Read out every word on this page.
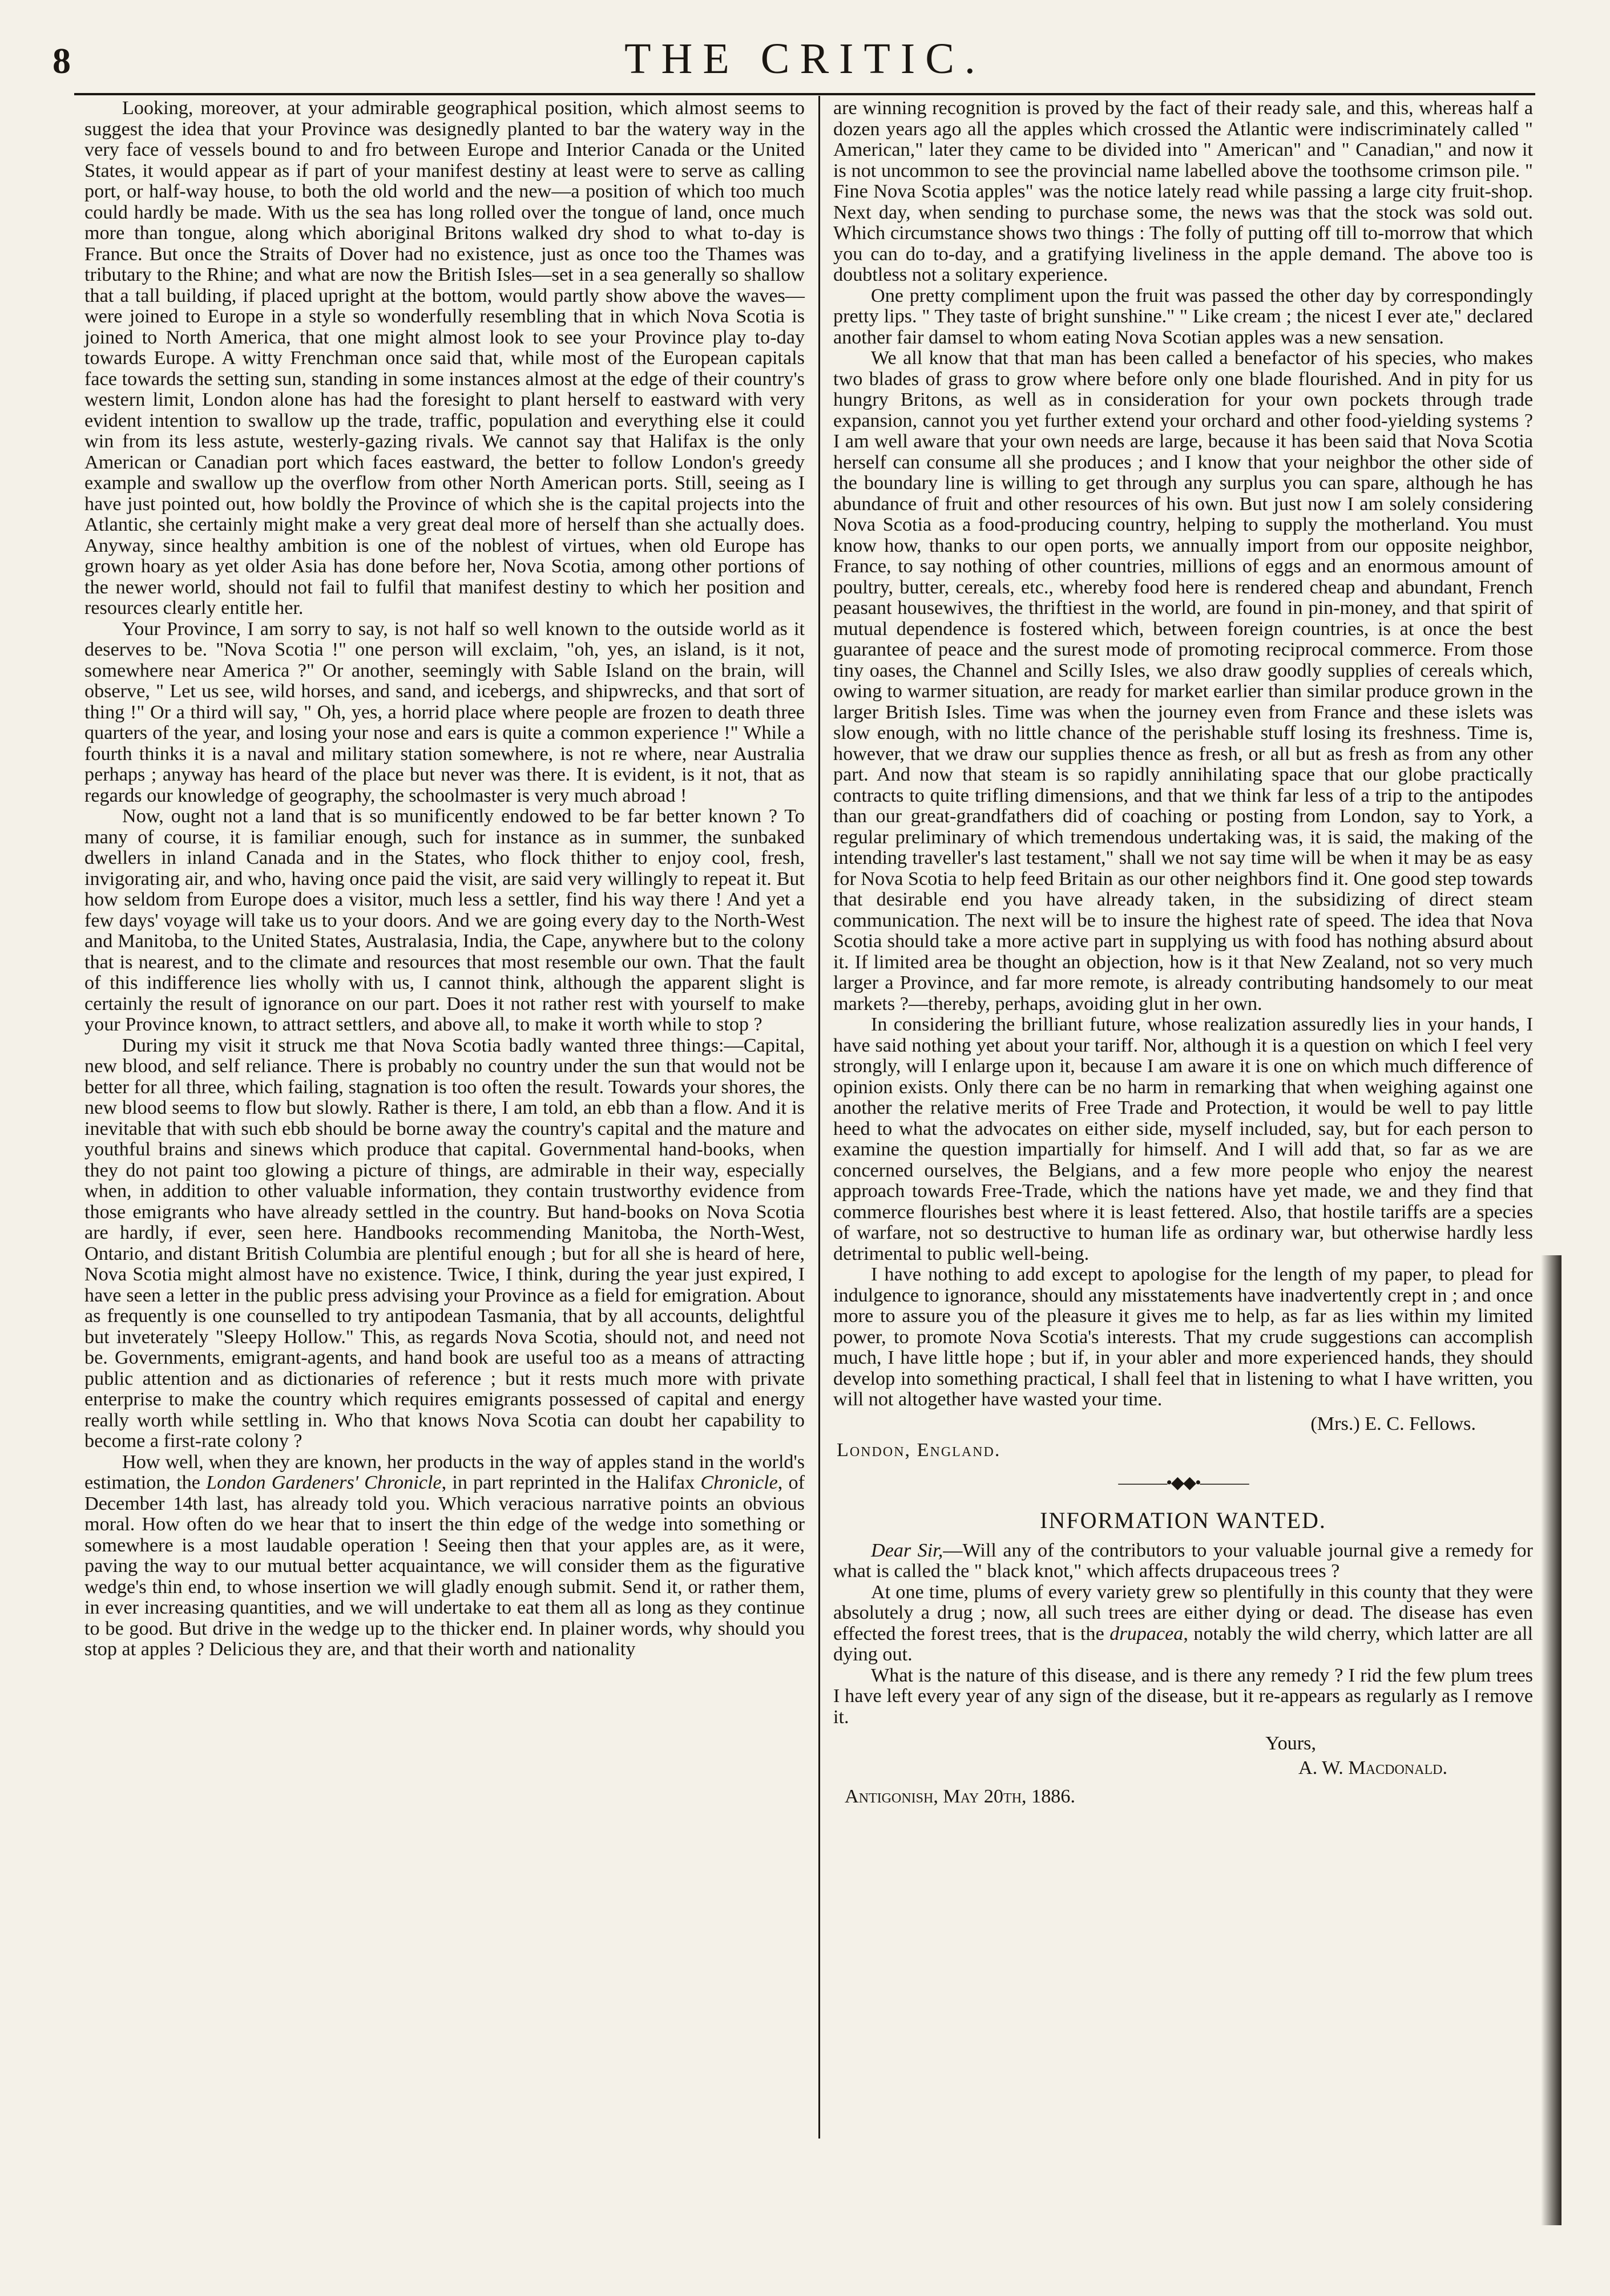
THE CRITIC.
8

Looking, moreover, at your admirable geographical position, which almost seems to suggest the idea that your Province was designedly planted to bar the watery way in the very face of vessels bound to and fro between Europe and Interior Canada or the United States, it would appear as if part of your manifest destiny at least were to serve as calling port, or half-way house, to both the old world and the new—a position of which too much could hardly be made. With us the sea has long rolled over the tongue of land, once much more than tongue, along which aboriginal Britons walked dry shod to what to-day is France. But once the Straits of Dover had no existence, just as once too the Thames was tributary to the Rhine; and what are now the British Isles—set in a sea generally so shallow that a tall building, if placed upright at the bottom, would partly show above the waves—were joined to Europe in a style so wonderfully resembling that in which Nova Scotia is joined to North America, that one might almost look to see your Province play to-day towards Europe. A witty Frenchman once said that, while most of the European capitals face towards the setting sun, standing in some instances almost at the edge of their country's western limit, London alone has had the foresight to plant herself to eastward with very evident intention to swallow up the trade, traffic, population and everything else it could win from its less astute, westerly-gazing rivals. We cannot say that Halifax is the only American or Canadian port which faces eastward, the better to follow London's greedy example and swallow up the overflow from other North American ports. Still, seeing as I have just pointed out, how boldly the Province of which she is the capital projects into the Atlantic, she certainly might make a very great deal more of herself than she actually does. Anyway, since healthy ambition is one of the noblest of virtues, when old Europe has grown hoary as yet older Asia has done before her, Nova Scotia, among other portions of the newer world, should not fail to fulfil that manifest destiny to which her position and resources clearly entitle her.

Your Province, I am sorry to say, is not half so well known to the outside world as it deserves to be. "Nova Scotia !" one person will exclaim, "oh, yes, an island, is it not, somewhere near America ?" Or another, seemingly with Sable Island on the brain, will observe, " Let us see, wild horses, and sand, and icebergs, and shipwrecks, and that sort of thing !" Or a third will say, " Oh, yes, a horrid place where people are frozen to death three quarters of the year, and losing your nose and ears is quite a common experience !" While a fourth thinks it is a naval and military station somewhere, is not re where, near Australia perhaps ; anyway has heard of the place but never was there. It is evident, is it not, that as regards our knowledge of geography, the schoolmaster is very much abroad !

Now, ought not a land that is so munificently endowed to be far better known ? To many of course, it is familiar enough, such for instance as in summer, the sunbaked dwellers in inland Canada and in the States, who flock thither to enjoy cool, fresh, invigorating air, and who, having once paid the visit, are said very willingly to repeat it. But how seldom from Europe does a visitor, much less a settler, find his way there ! And yet a few days' voyage will take us to your doors. And we are going every day to the North-West and Manitoba, to the United States, Australasia, India, the Cape, anywhere but to the colony that is nearest, and to the climate and resources that most resemble our own. That the fault of this indifference lies wholly with us, I cannot think, although the apparent slight is certainly the result of ignorance on our part. Does it not rather rest with yourself to make your Province known, to attract settlers, and above all, to make it worth while to stop ?

During my visit it struck me that Nova Scotia badly wanted three things:—Capital, new blood, and self reliance. There is probably no country under the sun that would not be better for all three, which failing, stagnation is too often the result. Towards your shores, the new blood seems to flow but slowly. Rather is there, I am told, an ebb than a flow. And it is inevitable that with such ebb should be borne away the country's capital and the mature and youthful brains and sinews which produce that capital. Governmental hand-books, when they do not paint too glowing a picture of things, are admirable in their way, especially when, in addition to other valuable information, they contain trustworthy evidence from those emigrants who have already settled in the country. But hand-books on Nova Scotia are hardly, if ever, seen here. Handbooks recommending Manitoba, the North-West, Ontario, and distant British Columbia are plentiful enough ; but for all she is heard of here, Nova Scotia might almost have no existence. Twice, I think, during the year just expired, I have seen a letter in the public press advising your Province as a field for emigration. About as frequently is one counselled to try antipodean Tasmania, that by all accounts, delightful but inveterately "Sleepy Hollow." This, as regards Nova Scotia, should not, and need not be. Governments, emigrant-agents, and hand book are useful too as a means of attracting public attention and as dictionaries of reference ; but it rests much more with private enterprise to make the country which requires emigrants possessed of capital and energy really worth while settling in. Who that knows Nova Scotia can doubt her capability to become a first-rate colony ?

How well, when they are known, her products in the way of apples stand in the world's estimation, the London Gardeners' Chronicle, in part reprinted in the Halifax Chronicle, of December 14th last, has already told you. Which veracious narrative points an obvious moral. How often do we hear that to insert the thin edge of the wedge into something or somewhere is a most laudable operation ! Seeing then that your apples are, as it were, paving the way to our mutual better acquaintance, we will consider them as the figurative wedge's thin end, to whose insertion we will gladly enough submit. Send it, or rather them, in ever increasing quantities, and we will undertake to eat them all as long as they continue to be good. But drive in the wedge up to the thicker end. In plainer words, why should you stop at apples ? Delicious they are, and that their worth and nationality

are winning recognition is proved by the fact of their ready sale, and this, whereas half a dozen years ago all the apples which crossed the Atlantic were indiscriminately called " American," later they came to be divided into " American" and " Canadian," and now it is not uncommon to see the provincial name labelled above the toothsome crimson pile. " Fine Nova Scotia apples" was the notice lately read while passing a large city fruit-shop. Next day, when sending to purchase some, the news was that the stock was sold out. Which circumstance shows two things : The folly of putting off till to-morrow that which you can do to-day, and a gratifying liveliness in the apple demand. The above too is doubtless not a solitary experience.

One pretty compliment upon the fruit was passed the other day by correspondingly pretty lips. " They taste of bright sunshine." " Like cream ; the nicest I ever ate," declared another fair damsel to whom eating Nova Scotian apples was a new sensation.

We all know that that man has been called a benefactor of his species, who makes two blades of grass to grow where before only one blade flourished. And in pity for us hungry Britons, as well as in consideration for your own pockets through trade expansion, cannot you yet further extend your orchard and other food-yielding systems ? I am well aware that your own needs are large, because it has been said that Nova Scotia herself can consume all she produces ; and I know that your neighbor the other side of the boundary line is willing to get through any surplus you can spare, although he has abundance of fruit and other resources of his own. But just now I am solely considering Nova Scotia as a food-producing country, helping to supply the motherland. You must know how, thanks to our open ports, we annually import from our opposite neighbor, France, to say nothing of other countries, millions of eggs and an enormous amount of poultry, butter, cereals, etc., whereby food here is rendered cheap and abundant, French peasant housewives, the thriftiest in the world, are found in pin-money, and that spirit of mutual dependence is fostered which, between foreign countries, is at once the best guarantee of peace and the surest mode of promoting reciprocal commerce. From those tiny oases, the Channel and Scilly Isles, we also draw goodly supplies of cereals which, owing to warmer situation, are ready for market earlier than similar produce grown in the larger British Isles. Time was when the journey even from France and these islets was slow enough, with no little chance of the perishable stuff losing its freshness. Time is, however, that we draw our supplies thence as fresh, or all but as fresh as from any other part. And now that steam is so rapidly annihilating space that our globe practically contracts to quite trifling dimensions, and that we think far less of a trip to the antipodes than our great-grandfathers did of coaching or posting from London, say to York, a regular preliminary of which tremendous undertaking was, it is said, the making of the intending traveller's last testament," shall we not say time will be when it may be as easy for Nova Scotia to help feed Britain as our other neighbors find it. One good step towards that desirable end you have already taken, in the subsidizing of direct steam communication. The next will be to insure the highest rate of speed. The idea that Nova Scotia should take a more active part in supplying us with food has nothing absurd about it. If limited area be thought an objection, how is it that New Zealand, not so very much larger a Province, and far more remote, is already contributing handsomely to our meat markets ?—thereby, perhaps, avoiding glut in her own.

In considering the brilliant future, whose realization assuredly lies in your hands, I have said nothing yet about your tariff. Nor, although it is a question on which I feel very strongly, will I enlarge upon it, because I am aware it is one on which much difference of opinion exists. Only there can be no harm in remarking that when weighing against one another the relative merits of Free Trade and Protection, it would be well to pay little heed to what the advocates on either side, myself included, say, but for each person to examine the question impartially for himself. And I will add that, so far as we are concerned ourselves, the Belgians, and a few more people who enjoy the nearest approach towards Free-Trade, which the nations have yet made, we and they find that commerce flourishes best where it is least fettered. Also, that hostile tariffs are a species of warfare, not so destructive to human life as ordinary war, but otherwise hardly less detrimental to public well-being.

I have nothing to add except to apologise for the length of my paper, to plead for indulgence to ignorance, should any misstatements have inadvertently crept in ; and once more to assure you of the pleasure it gives me to help, as far as lies within my limited power, to promote Nova Scotia's interests. That my crude suggestions can accomplish much, I have little hope ; but if, in your abler and more experienced hands, they should develop into something practical, I shall feel that in listening to what I have written, you will not altogether have wasted your time.

(Mrs.) E. C. Fellows.
London, England.
———•◆◆•———
INFORMATION WANTED.

Dear Sir,—Will any of the contributors to your valuable journal give a remedy for what is called the " black knot," which affects drupaceous trees ?

At one time, plums of every variety grew so plentifully in this county that they were absolutely a drug ; now, all such trees are either dying or dead. The disease has even effected the forest trees, that is the drupacea, notably the wild cherry, which latter are all dying out.

What is the nature of this disease, and is there any remedy ? I rid the few plum trees I have left every year of any sign of the disease, but it re-appears as regularly as I remove it.

Yours,
A. W. Macdonald.
Antigonish, May 20th, 1886.
